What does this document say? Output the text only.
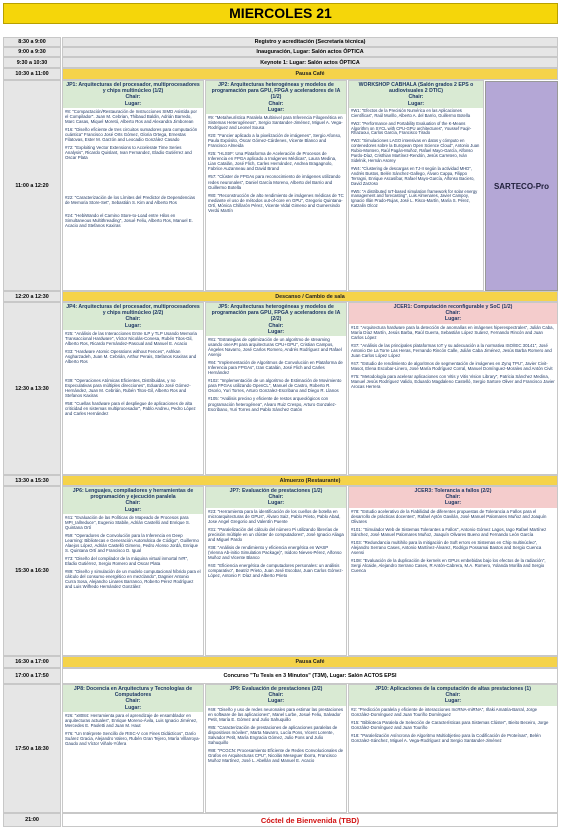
MIERCOLES 21
8:30 a 9:00
9:00 a 9:30
9:30 a 10:30
10:30 a 11:00
11:00 a 12:20
12:20 a 12:30
12:30 a 13:30
13:30 a 15:30
15:30 a 16:30
16:30 a 17:00
17:00 a 17:50
17:50 a 18:30
21:00
Registro y acreditación (Secretaría técnica)
Inauguración, Lugar: Salón actos ÓPTICA
Keynote 1: Lugar: Salón actos ÓPTICA
Pausa Café
Descanso / Cambio de sala
Almuerzo (Restaurante)
Pausa Café
Concurso "Tu Tesis en 3 Minutos" (T3M), Lugar: Salón ACTOS EPSI
Cóctel de Bienvenida (TBD)
JP1: Arquitecturas del procesador, multiprocesadores y chips multinúcleo (1/2)
Chair:
Lugar:
#8: "Compactación/Restauración de Instrucciones SIMD Asistida por el Compilador". Juan M. Cebrian, Thibaud Baldin, Adrián Barredo, Marc Casas, Miquel Moretó, Alberto Ros and Alexandra Jimborean
#16: "Diseño eficiente de tres circuitos sumadores para computación cuántica" Francisco José Orts Gómez, Gloria Ortega, Ernestas Filatovas, Ester M. Garzón and Leocadio González Casado
#72: "Exploiting Vector Extensions to Accelerate Time Series Analysis", Ricardo Quislant, Ivan Fernandez, Eladio Gutiérrez and Oscar Plata
#22: "Caracterización de los Límites del Predictor de Dependencias de Memoria Store-Set", Sebastián S. Kim and Alberto Ros
#24: "HebiWando el Camino Store-to-Load entre Hilos en Simultaneous Multithreading", Josué Feliu, Alberto Ros, Manuel E. Acacio and Stefanos Kaxiras
JP2: Arquitecturas heterogéneas y modelos de programación para GPU, FPGA y aceleradores de IA (1/2)
Chair:
Lugar:
#9: "Metaheurística Paralela Multinivel para Inferencia Filogenética en Sistemas Heterogéneos", Sergio Santander-Jiménez, Miguel A. Vega-Rodríguez and Leonel Sousa
#20: "Fancier aplicado a la pixelización de imágenes", Sergio Afonso, Paula Expósito, Óscar Gómez-Cárdenes, Vicente Blanco and Francisco Almeida
#25: "HLStrF: Una Plataforma de Aceleración de Procesos de Inferencia en FPGA aplicado a Imágenes Médicas", Laura Medina, Lian Catalán, José Flich, Carles Hernández, Andrea Bragagnolo, Fabrice Auzanneau and David Brand
#57: "Clúster de FPGAs para reconocimiento de imágenes utilizando redes neuronales", Daniel García Moreno, Alberto del Barrio and Guillermo Botella
#80: "Reconstrucción de alto rendimiento de imágenes médicas de TC mediante el uso de métodos out-of-core en GPU", Gregorio Quintana-Ortí, Mónica Chillarón Pérez, Vicente Vidal Gimeno and Gumersindo Verdú Martín
WORKSHOP CABHALA (Salón grados 2 EPS o audiovisuales 2 DTIC)
Chair:
Lugar:
#W1: "Efectos de la Precisión Numérica en las Aplicaciones Científicas", Raúl Murillo, Alberto A. del Barrio, Guillermo Botella
#W2: "Performance and Portability Evaluation of the K-Means Algorithm on SYCL with CPU-GPU architectures", Youssef Faqir-Rhazaoui, Carlos García, Francisco Tirado
#W3: "Simulaciones LAGO intensivas en datos y cómputo en contenedores sobre la European Open Science Cloud", Antonio Juan Rubio-Montero, Raúl Pagán-Muñoz, Rafael Mayo-García, Alfonso Pardo-Díaz, Cristhian Martínez-Rendón, Jesús Carretero, Iván Sidelnik, Hernán Asorey
#W4: "Clustering de descargas en TJ-II según la actividad MHD", Andrés Bustos, Belén Sánchez-Gallego, Álvaro Cappa, Filippo Terragni, Enrique Ascasíbar, Rafael Mayo-García, Alfonso Baciero, David Zarzoso
#W5: "A distributed IoT-based simulation framework for solar energy management and forecasting", Luis Almenares, Javier Campoy, Ignacio Illán Prado-Rujas, José L. Risco-Martín, María S. Pérez, Katzalin Olcoz
SARTECO-Pro
JP4: Arquitecturas del procesador, multiprocesadores y chips multinúcleo (2/2)
Chair:
Lugar:
#25: "Análisis de las Interacciones Entre ILP y TLP Usando Memoria Transaccional Hardware", Víctor Nicolás-Conesa, Rubén Titos-Gil, Alberto Ros, Ricardo Fernández-Pascual and Manuel E. Acacio
#33: "Hardware Atomic Operations without Fences", Ashkan Asgharzadeh, Juan M. Cebrián, Arthur Perais, Stefanos Kaxiras and Alberto Ros
#39: "Operaciones Atómicas Eficientes, Distribuidas, y no Especulativas para múltiples direcciones", Eduardo José Gómez-Hernández, Juan M. Cebrián, Rubén Titos-Gil, Alberto Ros and Stefanos Kaxiras
#58: "Cuellas hardware para el despliegue de aplicaciones de alta criticidad en sistemas multiprocesador", Pablo Andreu, Pedro López and Carles Hernández
JP5: Arquitecturas heterogéneas y modelos de programación para GPU, FPGA y aceleradores de IA (2/2)
Chair:
Lugar:
#81: "Estrategias de optimización de un algoritmo de streaming usando oneAPI para arquitecturas CPU+GPU", Cristian Campos, Ángeles Navarro, José Carlos Romero, Andrés Rodríguez and Rafael Asenjo
#84: "Implementación de Algoritmos de Convolución en Plataforma de Inferencia para FPGAs", Izan Catalán, José Flich and Carles Hernández
#102: "Implementación de un algoritmo de Estimación de Movimiento para FPGAs utilizando OpenCL", Manuel de Castro, Roberto R. Osorio, Yuri Torres, Arturo Gonzalez-Escribano and Diego R. Llanos
#105: "Análisis preciso y eficiente de restos arqueológicos con programación heterogénea", Alvaro Ruiz Crespo, Arturo Gonzalez-Escribano, Yuri Torres and Pablo Sánchez Gatón
JCER1: Computación reconfigurable y SoC (1/2)
Chair:
Lugar:
#10: "Arquitectura hardware para la detección de anomalías en imágenes hiperespectrales", Julián Caba, María Díaz Martín, Jesús Barba, Raúl Guerra, Sebastián López Suárez, Fernando Rincón and Juan Carlos López
#37: "Análisis de las principales plataformas IoT y su adecuación a la normativa ISO/IEC 30141", José Antonio De La Torre Las Heras, Fernando Rincón Calle, Julián Caba Jiménez, Jesús Barba Romero and Juan Carlos López López
#47: "Estudio de rendimiento de algoritmos de segmentación de imágenes en Zynq TPU", Javier Civit-Masot, Elena Escobar-Linero, José María Rodríguez Corral, Manuel Domínguez-Morales and Antón Civit
#75: "Metodología para acelerar aplicaciones con Vitis y Vitis Vision Library", Patricia Sánchez Medina, Manuel Jesús Rodríguez Valido, Eduardo Magdaleno Castelló, Sergio Sartore Oliver and Francisco Javier Arocas Herrera
JP6: Lenguajes, compiladores y herramientas de programación y ejecución paralela
Chair:
Lugar:
#41: "Evaluación de las Políticas de Mapeado de Procesos para MPI_Iallreduce", Eugenio Stabile, Adrián Castelló and Enrique S. Quintana Ortí
#59: "Operadores de Convolución para la Inferencia en Deep Learning: Bibliotecas e Generación Automática de Código", Guillermo Alaejos López, Adrián Castelló Gimeno, Pedro Alonso Jordá, Enrique S. Quintana Ortí and Francisco D. Igual
#73: "Diseño del compilador de la máquina virtual inmortal IVR", Eladio Gutiérrez, Sergio Romero and Oscar Plata
#89: "Diseño y simulación de un modelo computacional híbrido para el cálculo del consumo energético en mezclando", Dagnier Antonio Curra Sosa, Alejandro Linares Barranco, Roberto Pérez Rodríguez and Luis Wilfredo Hernández González
JP7: Evaluación de prestaciones (1/2)
Chair:
Lugar:
#23: "Herramienta para la identificación de los cuellos de botella en microarquitecturas de GPUs", Álvaro Saiz, Pablo Prieto, Pablo Abad, Jose Angel Gregorio and Valentín Puente
#31: "Paralelización del cálculo del número Pi utilizando librerías de precisión múltiple en un clúster de computadores", José Ignacio Aliaga and Miguel Pardo
#38: "Análisis de rendimiento y eficiencia energética en WASP (Vienna Ab-initio Simulation Package)", Isidoro Nieves-Pérez, Alfonso Muñoz and Vicente Blanco
#40: "Eficiencia energética de computadores personales: un análisis comparativo", Beatriz Prieto, Juan José Escobar, Juan Carlos Gómez-López, Antonio F. Díaz and Alberto Prieto
JCER3: Tolerancia a fallos (2/2)
Chair:
Lugar:
#78: "Estudio acelerativo de la Fiabilidad de diferentes propuestas de Tolerancia a Fallos para el desarrollo de prácticas docentes", Rafael Aytón Gavilán, José Manuel Palomares Muñoz and Joaquín Olivares
#101: "Simulador Web de Sistemas Tolerantes a Fallos", Antonio Gómez Lagos, Iago Rafael Martínez Sánchez, José Manuel Palomares Muñoz, Joaquín Olivares Bueno and Fernando León García
#103: "Redundancia multihilo para la mitigación de Soft errors en Sistemas en Chip multinúcleo", Alejandro Serrano Cases, Antonio Martínez-Álvarez, Rodrigo Possamai Bastos and Sergio Cuenca Asensi
#108: "Evaluación de la duplicación de kernels en GPUs embebidas bajo los efectos de la radiación", Sergi Alcaide, Alejandro Serrano Cases, R Antón-Cabrera, M.A. Romero, Yolanda Morilla and Sergio Cuenca
JP8: Docencia en Arquitectura y Tecnologías de Computadores
Chair:
Lugar:
#26: "x8084: Herramienta para el aprendizaje de ensamblador en arquitecturas actuales", Enrique Moreno-Ávila, Luis Ignacio Jiménez, Mercedes E. Paoletti and Juan M. Haut
#76: "Un Intérprete Sencillo de RISC-V con Fines Didácticos", Darío Suárez Gracia, Alejandro Valero, Rubén Gran Tejero, María Villarroya-Gaudo and Víctor Viñals-Yúfera
JP9: Evaluación de prestaciones (2/2)
Chair:
Lugar:
#49: "Diseño y uso de redes neuronales para estimar las prestaciones en software de las aplicaciones", Manel Lurbe, Josué Feliu, Salvador Petit, María E. Gómez and Julio Sahuquillo
#85: "Caracterización de prestaciones de aplicaciones paralelas de dispositivos móviles", Marta Navarro, Lucía Pons, Vicent Lorente, Salvador Petit, María Engracia Gómez, Julio Pons and Julio Sahuquillo
#88: "PCGCN: Procesamiento Eficiente de Redes Convolucionales de Grafos en Arquitecturas CPU", Nicolás Meseguer Iborra, Francisco Muñoz Martínez, José L. Abellán and Manuel E. Acacio
JP10: Aplicaciones de la computación de altas prestaciones (1)
Chair:
Lugar:
#2: "Predicción paralela y eficiente de interacciones IncRNA-miRNA", Iñaki Amatria-Barral, Jorge González-Domínguez and Juan Touriño Domínguez
#15: "Biblioteca Paralela de Selección de Características para Sistemas Clúster", Bieito Beceiro, Jorge González-Domínguez and Juan Touriño
#18: "Paralelización Asíncrona de Algoritmo Multiobjetivo para la Codificación de Proteínas", Belén Gonzalez-Sánchez, Miguel A. Vega-Rodríguez and Sergio Santander-Jiménez
